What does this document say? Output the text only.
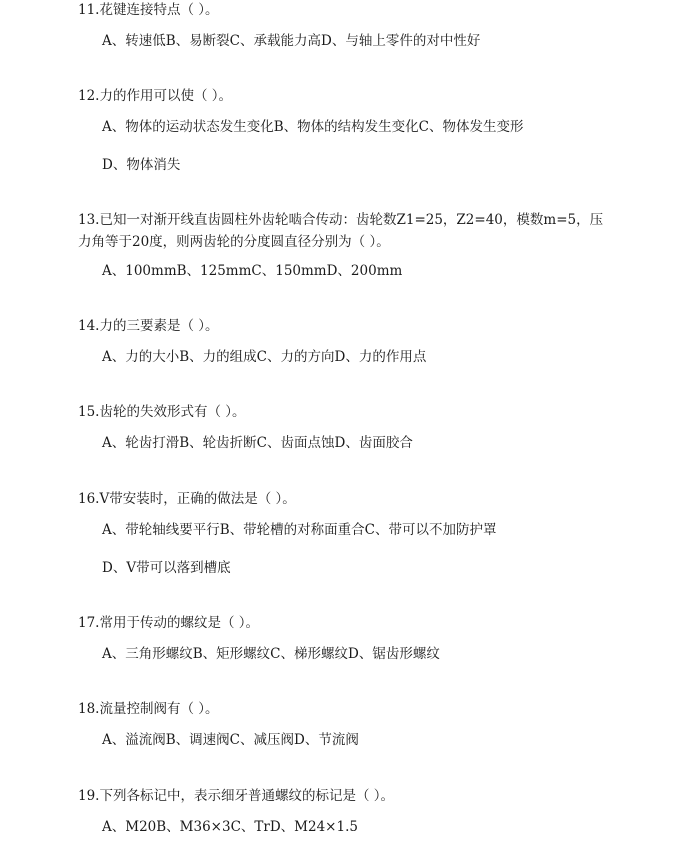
11.花键连接特点（ ）。
A、转速低B、易断裂C、承载能力高D、与轴上零件的对中性好
12.力的作用可以使（ ）。
A、物体的运动状态发生变化B、物体的结构发生变化C、物体发生变形
D、物体消失
13.已知一对渐开线直齿圆柱外齿轮啮合传动：齿轮数Z1=25，Z2=40，模数m=5，压力角等于20度，则两齿轮的分度圆直径分别为（ ）。
A、100mmB、125mmC、150mmD、200mm
14.力的三要素是（ ）。
A、力的大小B、力的组成C、力的方向D、力的作用点
15.齿轮的失效形式有（ ）。
A、轮齿打滑B、轮齿折断C、齿面点蚀D、齿面胶合
16.V带安装时，正确的做法是（ ）。
A、带轮轴线要平行B、带轮槽的对称面重合C、带可以不加防护罩
D、V带可以落到槽底
17.常用于传动的螺纹是（ ）。
A、三角形螺纹B、矩形螺纹C、梯形螺纹D、锯齿形螺纹
18.流量控制阀有（ ）。
A、溢流阀B、调速阀C、减压阀D、节流阀
19.下列各标记中，表示细牙普通螺纹的标记是（ ）。
A、M20B、M36×3C、TrD、M24×1.5
